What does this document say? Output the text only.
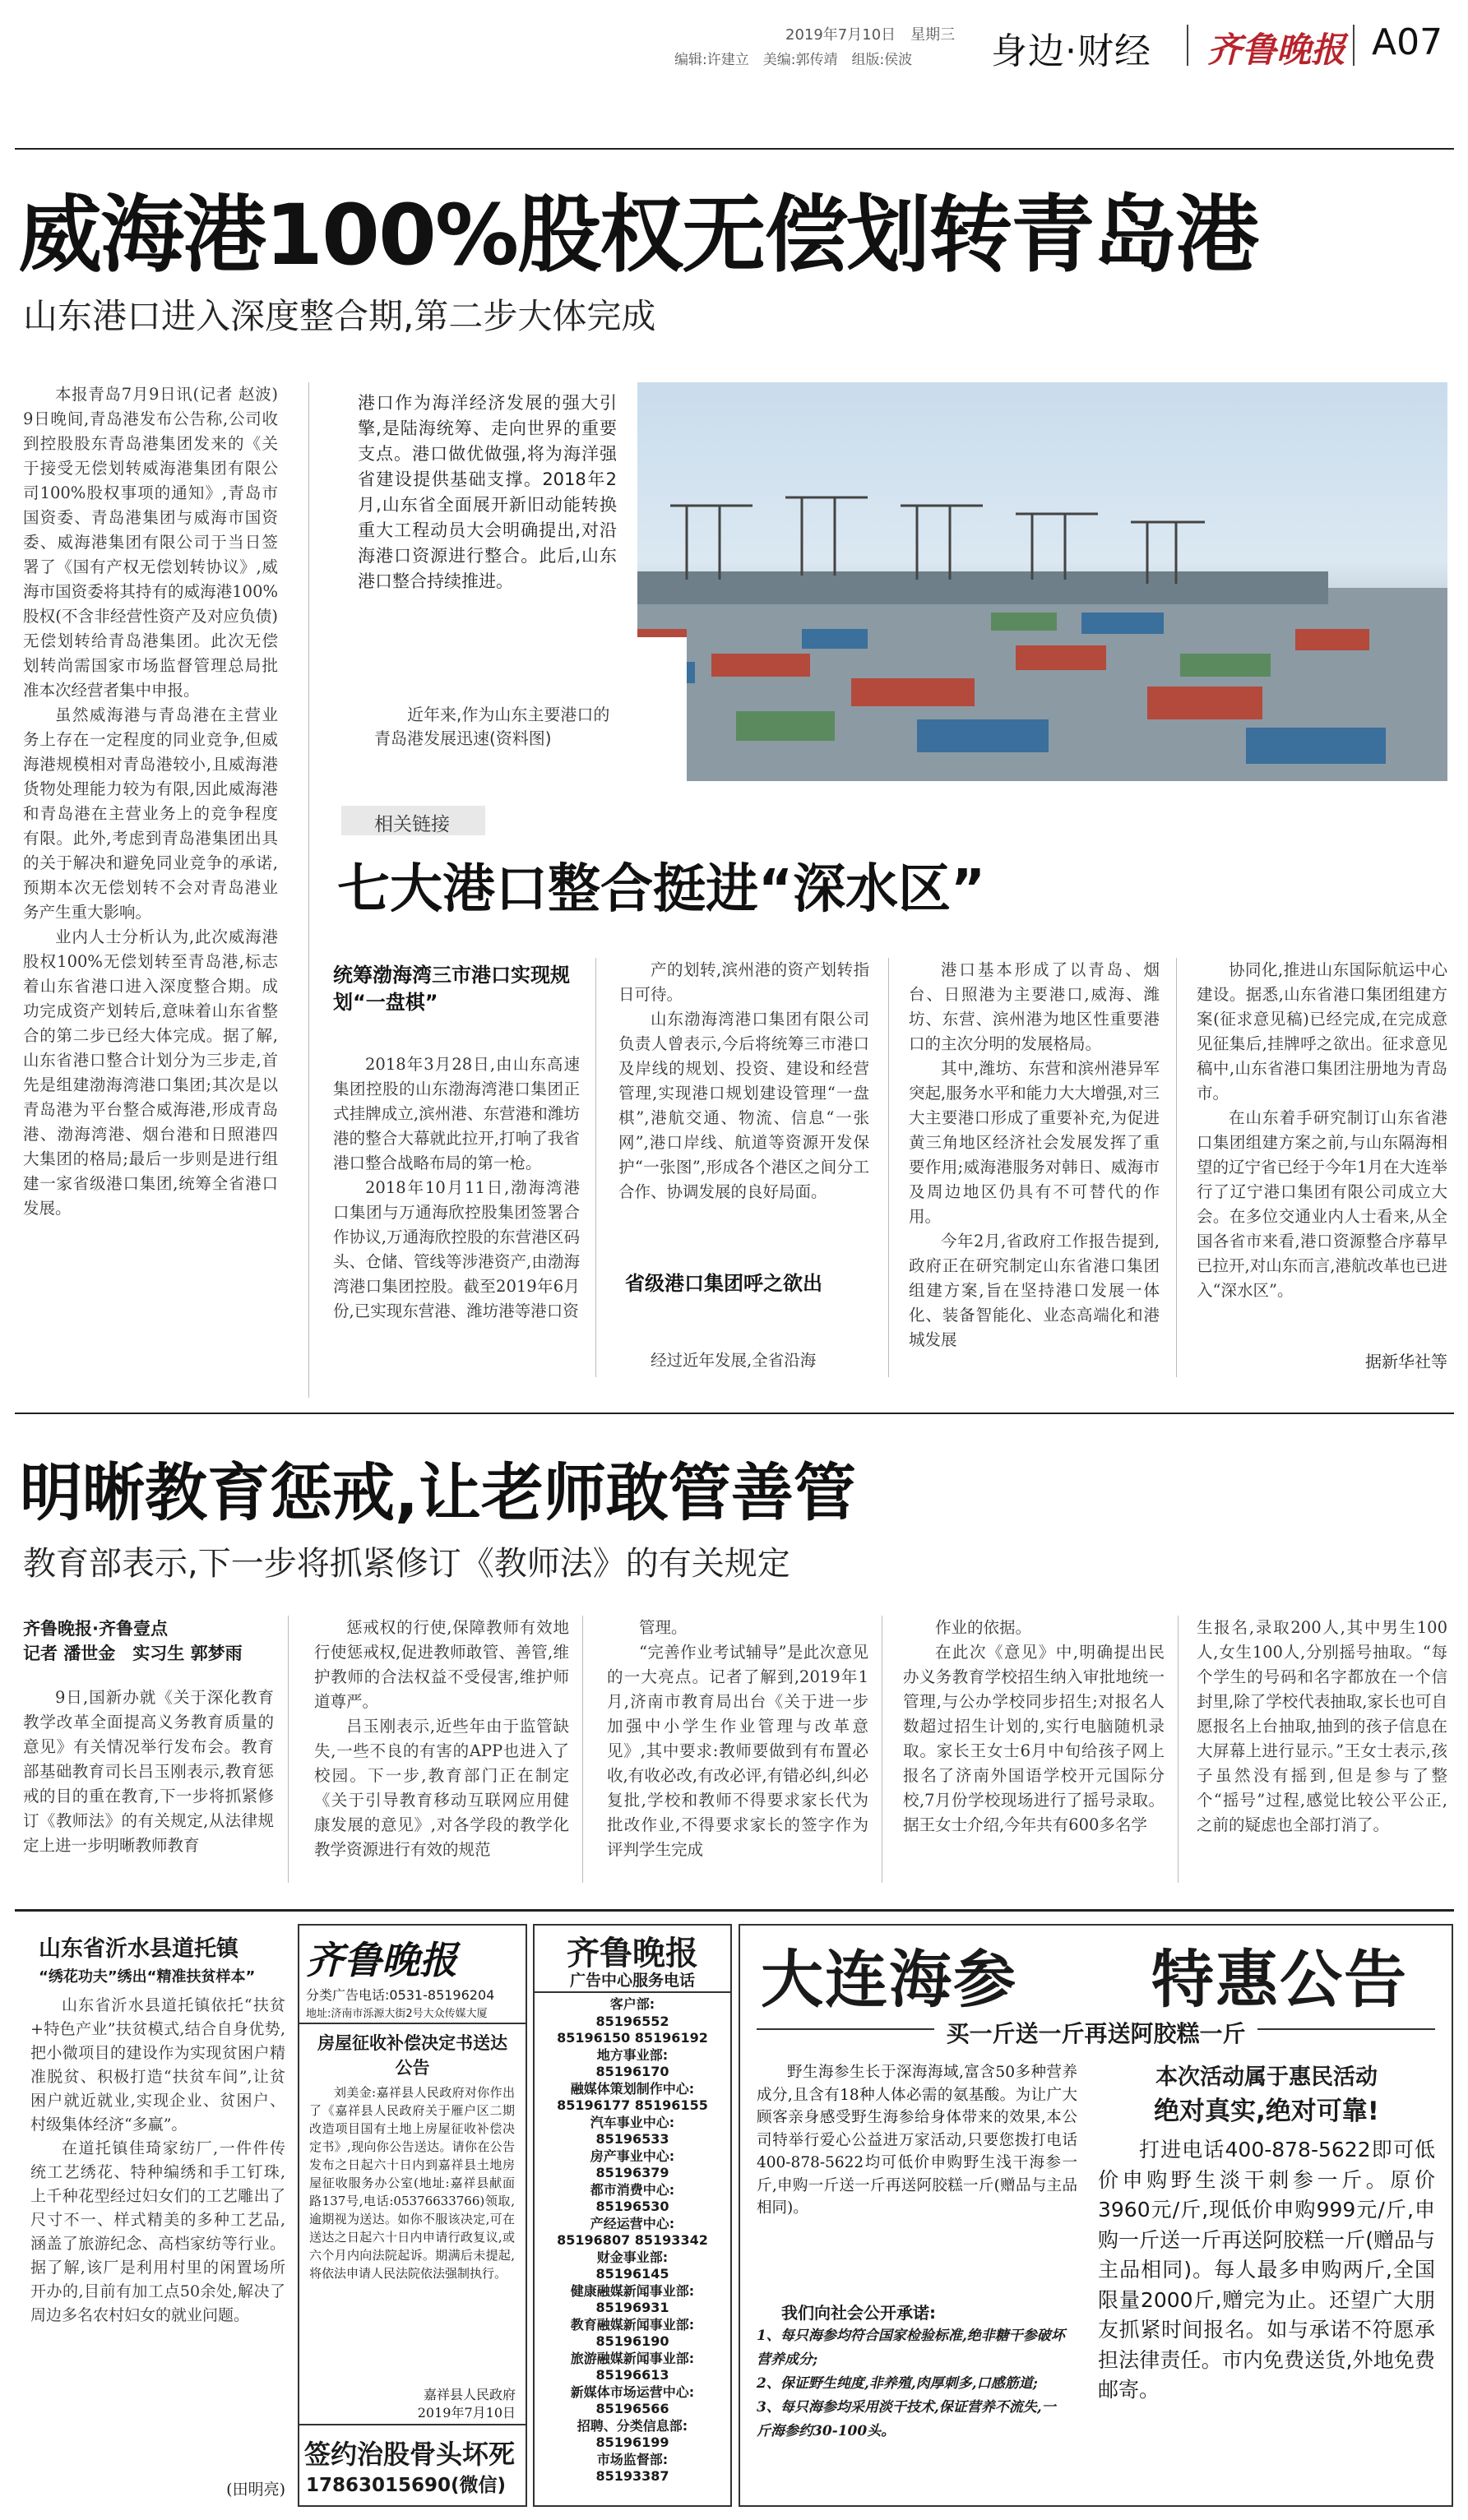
2019年7月10日　星期三
编辑:许建立　美编:郭传靖　组版:侯波	身边·财经 齐鲁晚报 A07
威海港100%股权无偿划转青岛港
山东港口进入深度整合期,第二步大体完成

本报青岛7月9日讯(记者 赵波) 9日晚间,青岛港发布公告称,公司收到控股股东青岛港集团发来的《关于接受无偿划转威海港集团有限公司100%股权事项的通知》,青岛市国资委、青岛港集团与威海市国资委、威海港集团有限公司于当日签署了《国有产权无偿划转协议》,威海市国资委将其持有的威海港100%股权(不含非经营性资产及对应负债)无偿划转给青岛港集团。此次无偿划转尚需国家市场监督管理总局批准本次经营者集中申报。

虽然威海港与青岛港在主营业务上存在一定程度的同业竞争,但威海港规模相对青岛港较小,且威海港货物处理能力较为有限,因此威海港和青岛港在主营业务上的竞争程度有限。此外,考虑到青岛港集团出具的关于解决和避免同业竞争的承诺,预期本次无偿划转不会对青岛港业务产生重大影响。

业内人士分析认为,此次威海港股权100%无偿划转至青岛港,标志着山东省港口进入深度整合期。成功完成资产划转后,意味着山东省整合的第二步已经大体完成。据了解,山东省港口整合计划分为三步走,首先是组建渤海湾港口集团;其次是以青岛港为平台整合威海港,形成青岛港、渤海湾港、烟台港和日照港四大集团的格局;最后一步则是进行组建一家省级港口集团,统筹全省港口发展。

港口作为海洋经济发展的强大引擎,是陆海统筹、走向世界的重要支点。港口做优做强,将为海洋强省建设提供基础支撑。2018年2月,山东省全面展开新旧动能转换重大工程动员大会明确提出,对沿海港口资源进行整合。此后,山东港口整合持续推进。
近年来,作为山东主要港口的青岛港发展迅速(资料图)
相关链接
七大港口整合挺进“深水区”
统筹渤海湾三市港口实现规划“一盘棋”

2018年3月28日,由山东高速集团控股的山东渤海湾港口集团正式挂牌成立,滨州港、东营港和潍坊港的整合大幕就此拉开,打响了我省港口整合战略布局的第一枪。

2018年10月11日,渤海湾港口集团与万通海欣控股集团签署合作协议,万通海欣控股的东营港区码头、仓储、管线等涉港资产,由渤海湾港口集团控股。截至2019年6月份,已实现东营港、潍坊港等港口资

产的划转,滨州港的资产划转指日可待。

山东渤海湾港口集团有限公司负责人曾表示,今后将统筹三市港口及岸线的规划、投资、建设和经营管理,实现港口规划建设管理“一盘棋”,港航交通、物流、信息“一张网”,港口岸线、航道等资源开发保护“一张图”,形成各个港区之间分工合作、协调发展的良好局面。

省级港口集团呼之欲出

经过近年发展,全省沿海

港口基本形成了以青岛、烟台、日照港为主要港口,威海、潍坊、东营、滨州港为地区性重要港口的主次分明的发展格局。

其中,潍坊、东营和滨州港异军突起,服务水平和能力大大增强,对三大主要港口形成了重要补充,为促进黄三角地区经济社会发展发挥了重要作用;威海港服务对韩日、威海市及周边地区仍具有不可替代的作用。

今年2月,省政府工作报告提到,政府正在研究制定山东省港口集团组建方案,旨在坚持港口发展一体化、装备智能化、业态高端化和港城发展

协同化,推进山东国际航运中心建设。据悉,山东省港口集团组建方案(征求意见稿)已经完成,在完成意见征集后,挂牌呼之欲出。征求意见稿中,山东省港口集团注册地为青岛市。

在山东着手研究制订山东省港口集团组建方案之前,与山东隔海相望的辽宁省已经于今年1月在大连举行了辽宁港口集团有限公司成立大会。在多位交通业内人士看来,从全国各省市来看,港口资源整合序幕早已拉开,对山东而言,港航改革也已进入“深水区”。

据新华社等
明晰教育惩戒,让老师敢管善管
教育部表示,下一步将抓紧修订《教师法》的有关规定
齐鲁晚报·齐鲁壹点
记者 潘世金　实习生 郭梦雨

9日,国新办就《关于深化教育教学改革全面提高义务教育质量的意见》有关情况举行发布会。教育部基础教育司长吕玉刚表示,教育惩戒的目的重在教育,下一步将抓紧修订《教师法》的有关规定,从法律规定上进一步明晰教师教育

惩戒权的行使,保障教师有效地行使惩戒权,促进教师敢管、善管,维护教师的合法权益不受侵害,维护师道尊严。

吕玉刚表示,近些年由于监管缺失,一些不良的有害的APP也进入了校园。下一步,教育部门正在制定《关于引导教育移动互联网应用健康发展的意见》,对各学段的教学化教学资源进行有效的规范

管理。

“完善作业考试辅导”是此次意见的一大亮点。记者了解到,2019年1月,济南市教育局出台《关于进一步加强中小学生作业管理与改革意见》,其中要求:教师要做到有布置必收,有收必改,有改必评,有错必纠,纠必复批,学校和教师不得要求家长代为批改作业,不得要求家长的签字作为评判学生完成

作业的依据。

在此次《意见》中,明确提出民办义务教育学校招生纳入审批地统一管理,与公办学校同步招生;对报名人数超过招生计划的,实行电脑随机录取。家长王女士6月中旬给孩子网上报名了济南外国语学校开元国际分校,7月份学校现场进行了摇号录取。据王女士介绍,今年共有600多名学

生报名,录取200人,其中男生100人,女生100人,分别摇号抽取。“每个学生的号码和名字都放在一个信封里,除了学校代表抽取,家长也可自愿报名上台抽取,抽到的孩子信息在大屏幕上进行显示。”王女士表示,孩子虽然没有摇到,但是参与了整个“摇号”过程,感觉比较公平公正,之前的疑虑也全部打消了。

山东省沂水县道托镇
“绣花功夫”绣出“精准扶贫样本”

山东省沂水县道托镇依托“扶贫+特色产业”扶贫模式,结合自身优势,把小微项目的建设作为实现贫困户精准脱贫、积极打造“扶贫车间”,让贫困户就近就业,实现企业、贫困户、村级集体经济“多赢”。

在道托镇佳琦家纺厂,一件件传统工艺绣花、特种编绣和手工钉珠,上千种花型经过妇女们的工艺雕出了尺寸不一、样式精美的多种工艺品,涵盖了旅游纪念、高档家纺等行业。据了解,该厂是利用村里的闲置场所开办的,目前有加工点50余处,解决了周边多名农村妇女的就业问题。

(田明亮)
齐鲁晚报
分类广告电话:0531-85196204
地址:济南市泺源大街2号大众传媒大厦
房屋征收补偿决定书送达公告
刘美金:嘉祥县人民政府对你作出了《嘉祥县人民政府关于雁户区二期改造项目国有土地上房屋征收补偿决定书》,现向你公告送达。请你在公告发布之日起六十日内到嘉祥县土地房屋征收服务办公室(地址:嘉祥县献面路137号,电话:05376633766)领取,逾期视为送达。如你不服该决定,可在送达之日起六十日内申请行政复议,或六个月内向法院起诉。期满后未提起,将依法申请人民法院依法强制执行。
嘉祥县人民政府
2019年7月10日
签约治股骨头坏死
17863015690(微信)
齐鲁晚报
广告中心服务电话
客户部:
85196552
85196150 85196192
地方事业部:
85196170
融媒体策划制作中心:
85196177 85196155
汽车事业中心:
85196533
房产事业中心:
85196379
都市消费中心:
85196530
产经运营中心:
85196807 85193342
财金事业部:
85196145
健康融媒新闻事业部:
85196931
教育融媒新闻事业部:
85196190
旅游融媒新闻事业部:
85196613
新媒体市场运营中心:
85196566
招聘、分类信息部:
85196199
市场监督部:
85193387
大连海参 特惠公告
买一斤送一斤再送阿胶糕一斤
野生海参生长于深海海域,富含50多种营养成分,且含有18种人体必需的氨基酸。为让广大顾客亲身感受野生海参给身体带来的效果,本公司特举行爱心公益进万家活动,只要您拨打电话400-878-5622均可低价申购野生浅干海参一斤,申购一斤送一斤再送阿胶糕一斤(赠品与主品相同)。
我们向社会公开承诺:
1、每只海参均符合国家检验标准,绝非糖干参破坏营养成分;
2、保证野生纯度,非养殖,肉厚刺多,口感筋道;
3、每只海参均采用淡干技术,保证营养不流失,一斤海参约30-100头。
本次活动属于惠民活动
绝对真实,绝对可靠!
打进电话400-878-5622即可低价申购野生淡干刺参一斤。原价3960元/斤,现低价申购999元/斤,申购一斤送一斤再送阿胶糕一斤(赠品与主品相同)。每人最多申购两斤,全国限量2000斤,赠完为止。还望广大朋友抓紧时间报名。如与承诺不符愿承担法律责任。市内免费送货,外地免费邮寄。
